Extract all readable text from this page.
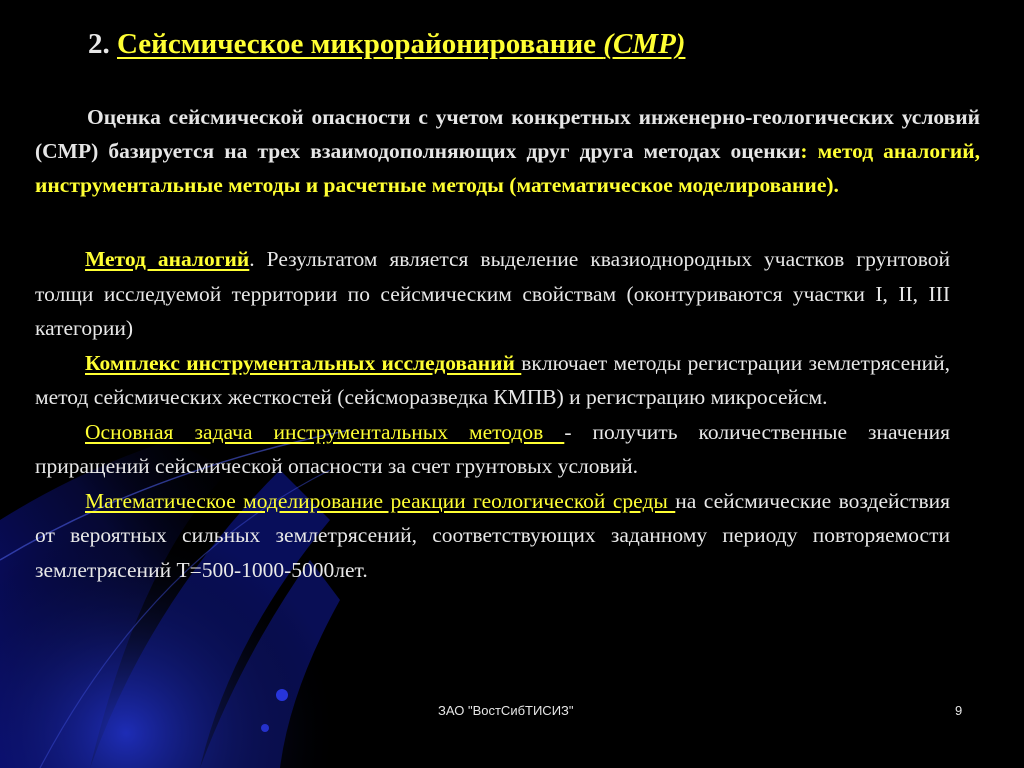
2. Сейсмическое микрорайонирование (СМР)
Оценка сейсмической опасности с учетом конкретных инженерно-геологических условий (СМР) базируется на трех взаимодополняющих друг друга методах оценки: метод аналогий, инструментальные методы и расчетные методы (математическое моделирование).

Метод аналогий. Результатом является выделение квазиоднородных участков грунтовой толщи исследуемой территории по сейсмическим свойствам (оконтуриваются участки I, II, III категории)

Комплекс инструментальных исследований включает методы регистрации землетрясений, метод сейсмических жесткостей (сейсморазведка КМПВ) и регистрацию микросейсм.

Основная задача инструментальных методов - получить количественные значения приращений сейсмической опасности за счет грунтовых условий.

Математическое моделирование реакции геологической среды на сейсмические воздействия от вероятных сильных землетрясений, соответствующих заданному периоду повторяемости землетрясений Т=500-1000-5000лет.

ЗАО "ВостСибТИСИЗ"	9
